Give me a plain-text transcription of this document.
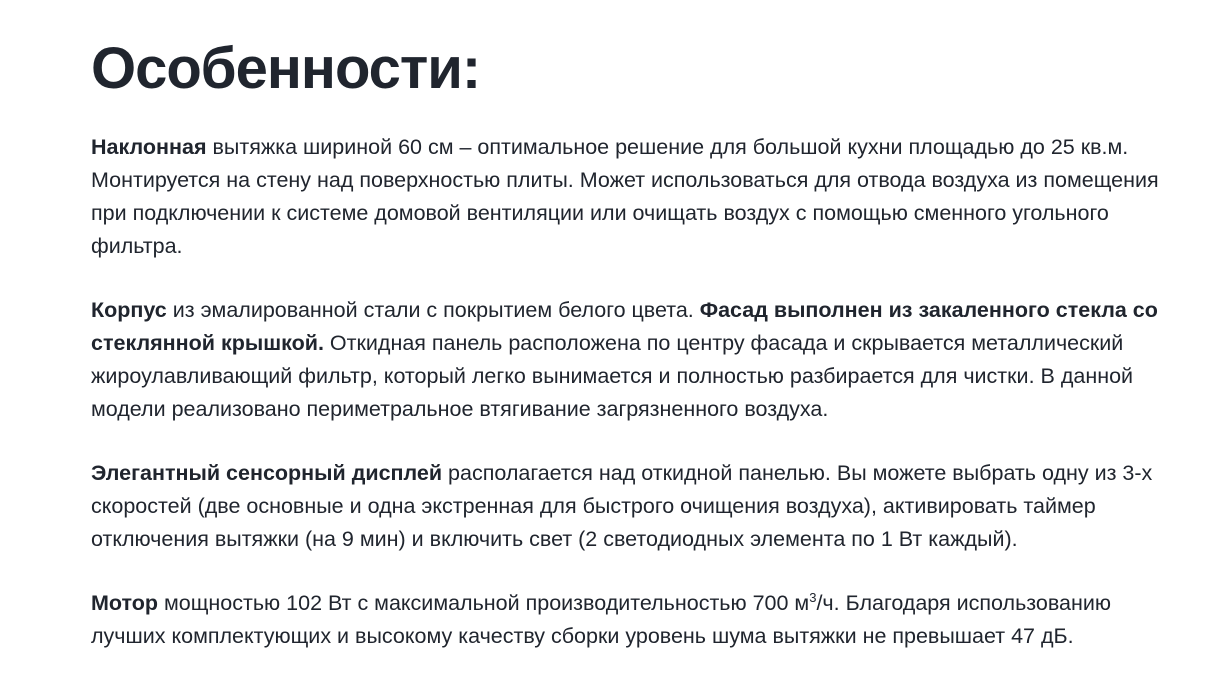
Особенности:

Наклонная вытяжка шириной 60 см – оптимальное решение для большой кухни площадью до 25 кв.м. Монтируется на стену над поверхностью плиты. Может использоваться для отвода воздуха из помещения при подключении к системе домовой вентиляции или очищать воздух с помощью сменного угольного фильтра.

Корпус из эмалированной стали с покрытием белого цвета. Фасад выполнен из закаленного стекла со стеклянной крышкой. Откидная панель расположена по центру фасада и скрывается металлический жироулавливающий фильтр, который легко вынимается и полностью разбирается для чистки. В данной модели реализовано периметральное втягивание загрязненного воздуха.

Элегантный сенсорный дисплей располагается над откидной панелью. Вы можете выбрать одну из 3-х скоростей (две основные и одна экстренная для быстрого очищения воздуха), активировать таймер отключения вытяжки (на 9 мин) и включить свет (2 светодиодных элемента по 1 Вт каждый).

Мотор мощностью 102 Вт с максимальной производительностью 700 $м^3/ч$. Благодаря использованию лучших комплектующих и высокому качеству сборки уровень шума вытяжки не превышает 47 дБ.
